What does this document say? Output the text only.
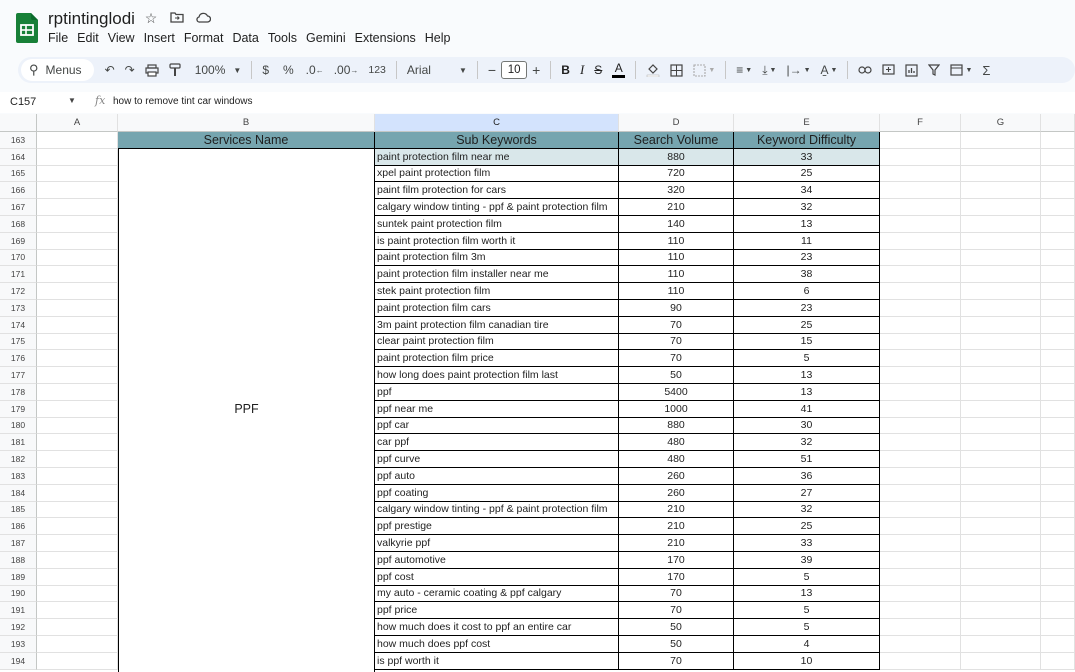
rptintinglodi ☆
File Edit View Insert Format Data Tools Gemini Extensions Help
⚲ Menus	↶ ↷	100% ▼	$	%	.0 ← .00 → 123	Arial	▼	−	10 +	B I S	A	▼	≡ ▼ ⤓ ▼ |→ ▼ A̠ ▼	▼ Σ
C157	▼ fx how to remove tint car windows
A	B	C	D	E	F	G
163	Services Name	Sub Keywords	Search Volume	Keyword Difficulty
164	paint protection film near me	880	33
165	xpel paint protection film	720	25
166	paint film protection for cars	320	34
167	calgary window tinting - ppf & paint protection film	210	32
168	suntek paint protection film	140	13
169	is paint protection film worth it	110	11
170	paint protection film 3m	110	23
171	paint protection film installer near me	110	38
172	stek paint protection film	110	6
173	paint protection film cars	90	23
174	3m paint protection film canadian tire	70	25
175	clear paint protection film	70	15
176	paint protection film price	70	5
177	how long does paint protection film last	50	13
178	ppf	5400	13
179	ppf near me	1000	41
180	ppf car	880	30
181	car ppf	480	32
182	ppf curve	480	51
183	ppf auto	260	36
184	ppf coating	260	27
185	calgary window tinting - ppf & paint protection film	210	32
186	ppf prestige	210	25
187	valkyrie ppf	210	33
188	ppf automotive	170	39
189	ppf cost	170	5
190	my auto - ceramic coating & ppf calgary	70	13
191	ppf price	70	5
192	how much does it cost to ppf an entire car	50	5
193	how much does ppf cost	50	4
194	is ppf worth it	70	10
PPF
